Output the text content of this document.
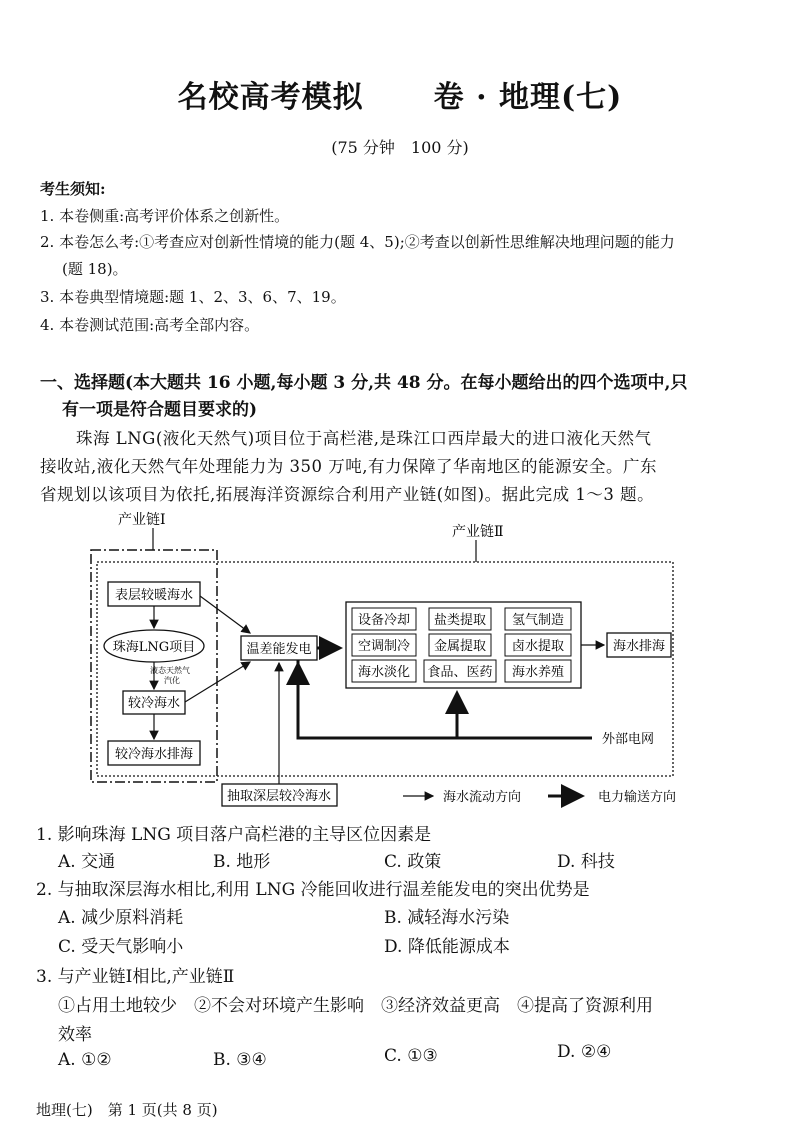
名校高考模拟 卷 · 地理(七)
(75 分钟　100 分)
考生须知:
1. 本卷侧重:高考评价体系之创新性。
2. 本卷怎么考:①考查应对创新性情境的能力(题 4、5);②考查以创新性思维解决地理问题的能力
(题 18)。
3. 本卷典型情境题:题 1、2、3、6、7、19。
4. 本卷测试范围:高考全部内容。
一、选择题(本大题共 16 小题,每小题 3 分,共 48 分。在每小题给出的四个选项中,只
有一项是符合题目要求的)
珠海 LNG(液化天然气)项目位于高栏港,是珠江口西岸最大的进口液化天然气
接收站,液化天然气年处理能力为 350 万吨,有力保障了华南地区的能源安全。广东
省规划以该项目为依托,拓展海洋资源综合利用产业链(如图)。据此完成 1～3 题。
产业链Ⅰ
产业链Ⅱ
表层较暖海水
珠海LNG项目
液态天然气
汽化
较冷海水
较冷海水排海
温差能发电
设备冷却 盐类提取 氢气制造
空调制冷 金属提取 卤水提取
海水淡化 食品、医药 海水养殖
海水排海
外部电网
抽取深层较冷海水	海水流动方向	电力输送方向
1. 影响珠海 LNG 项目落户高栏港的主导区位因素是
A. 交通	B. 地形	C. 政策	D. 科技
2. 与抽取深层海水相比,利用 LNG 冷能回收进行温差能发电的突出优势是
A. 减少原料消耗	B. 减轻海水污染
C. 受天气影响小	D. 降低能源成本
3. 与产业链Ⅰ相比,产业链Ⅱ
①占用土地较少　②不会对环境产生影响　③经济效益更高　④提高了资源利用
效率
A. ①②	B. ③④	C. ①③	D. ②④
地理(七)　第 1 页(共 8 页)
